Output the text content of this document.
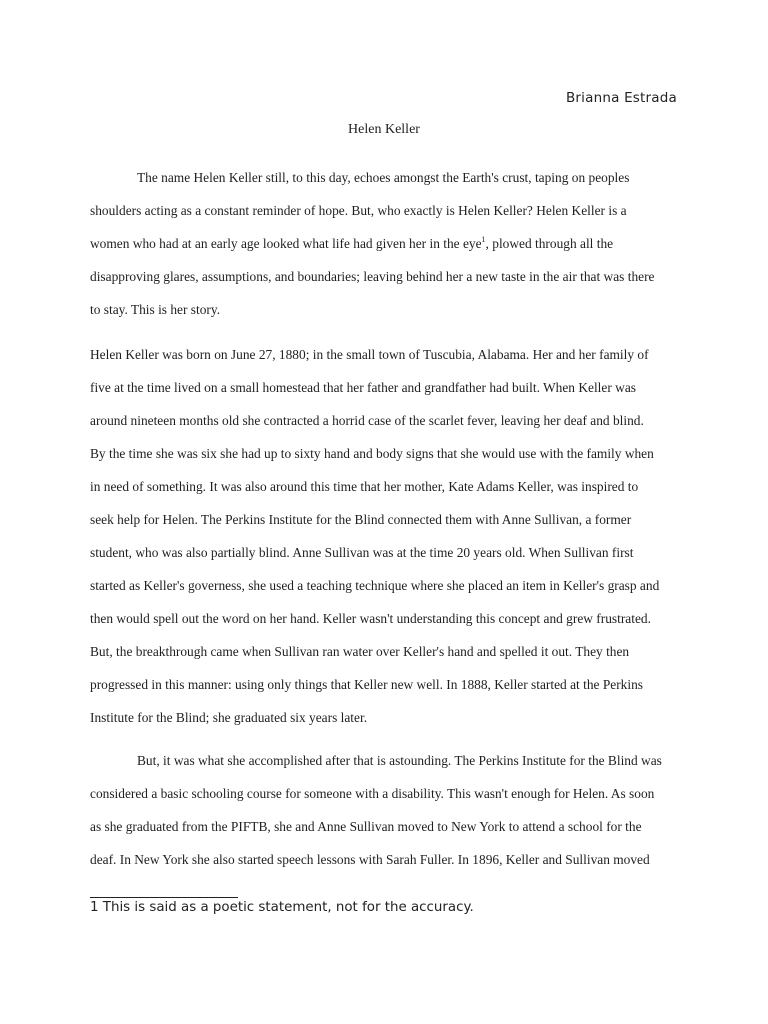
Brianna Estrada
Helen Keller
The name Helen Keller still, to this day, echoes amongst the Earth's crust, taping on peoples
shoulders acting as a constant reminder of hope. But, who exactly is Helen Keller? Helen Keller is a
women who had at an early age looked what life had given her in the eye$^1$, plowed through all the
disapproving glares, assumptions, and boundaries; leaving behind her a new taste in the air that was there
to stay. This is her story.
Helen Keller was born on June 27, 1880; in the small town of Tuscubia, Alabama. Her and her family of
five at the time lived on a small homestead that her father and grandfather had built. When Keller was
around nineteen months old she contracted a horrid case of the scarlet fever, leaving her deaf and blind.
By the time she was six she had up to sixty hand and body signs that she would use with the family when
in need of something. It was also around this time that her mother, Kate Adams Keller, was inspired to
seek help for Helen. The Perkins Institute for the Blind connected them with Anne Sullivan, a former
student, who was also partially blind. Anne Sullivan was at the time 20 years old. When Sullivan first
started as Keller's governess, she used a teaching technique where she placed an item in Keller's grasp and
then would spell out the word on her hand. Keller wasn't understanding this concept and grew frustrated.
But, the breakthrough came when Sullivan ran water over Keller's hand and spelled it out. They then
progressed in this manner: using only things that Keller new well. In 1888, Keller started at the Perkins
Institute for the Blind; she graduated six years later.
But, it was what she accomplished after that is astounding. The Perkins Institute for the Blind was
considered a basic schooling course for someone with a disability. This wasn't enough for Helen. As soon
as she graduated from the PIFTB, she and Anne Sullivan moved to New York to attend a school for the
deaf. In New York she also started speech lessons with Sarah Fuller. In 1896, Keller and Sullivan moved
1 This is said as a poetic statement, not for the accuracy.
